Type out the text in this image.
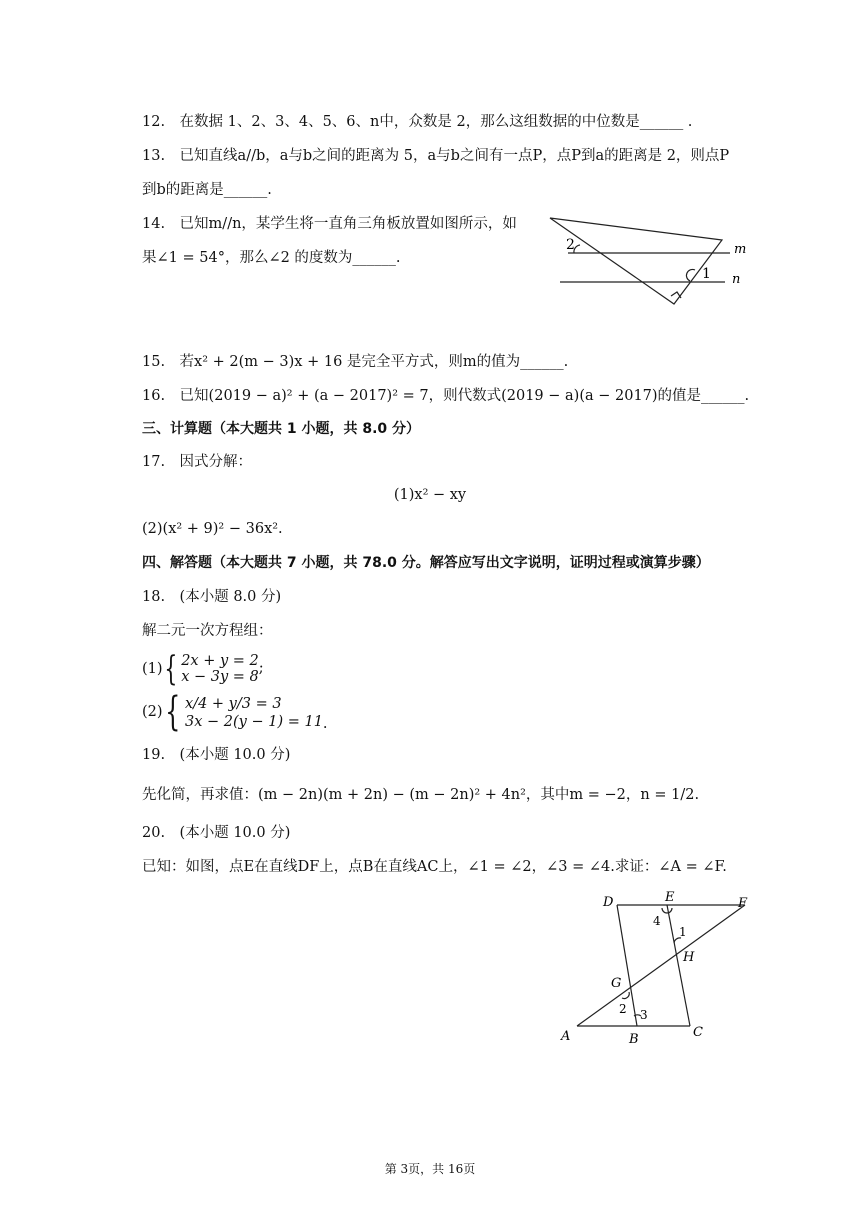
12.　在数据 1、2、3、4、5、6、n中，众数是 2，那么这组数据的中位数是______ .
13.　已知直线a//b，a与b之间的距离为 5，a与b之间有一点P，点P到a的距离是 2，则点P
到b的距离是______.
14.　已知m//n，某学生将一直角三角板放置如图所示，如
果∠1 = 54°，那么∠2 的度数为______.
2
1
m
n
15.　若x² + 2(m − 3)x + 16 是完全平方式，则m的值为______.
16.　已知(2019 − a)² + (a − 2017)² = 7，则代数式(2019 − a)(a − 2017)的值是______.
三、计算题（本大题共 1 小题，共 8.0 分）
17.　因式分解：
(1)x² − xy
(2)(x² + 9)² − 36x².
四、解答题（本大题共 7 小题，共 78.0 分。解答应写出文字说明，证明过程或演算步骤）
18.　(本小题 8.0 分)
解二元一次方程组：
(1) { 2x + y = 2
x − 3y = 8
;
(2) { x/4 + y/3 = 3
3x − 2(y − 1) = 11 .
19.　(本小题 10.0 分)
先化简，再求值：(m − 2n)(m + 2n) − (m − 2n)² + 4n²，其中m = −2，n = 1/2.
20.　(本小题 10.0 分)
已知：如图，点E在直线DF上，点B在直线AC上，∠1 = ∠2，∠3 = ∠4.求证：∠A = ∠F.
D	E	F
G
H
A	B	C
1
2 3
4
第 3页，共 16页
